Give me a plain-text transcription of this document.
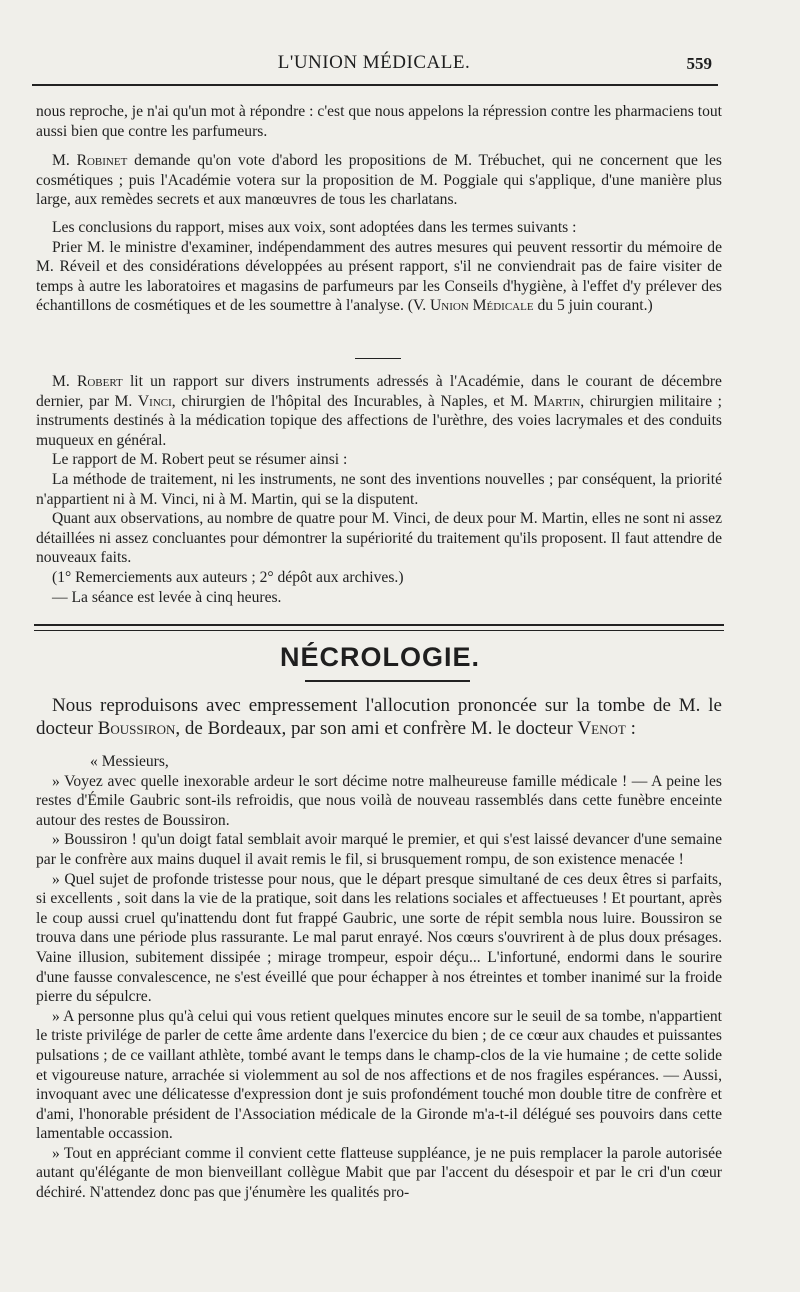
L'UNION MÉDICALE.	559

nous reproche, je n'ai qu'un mot à répondre : c'est que nous appelons la répression contre les pharmaciens tout aussi bien que contre les parfumeurs.

M. Robinet demande qu'on vote d'abord les propositions de M. Trébuchet, qui ne concernent que les cosmétiques ; puis l'Académie votera sur la proposition de M. Poggiale qui s'applique, d'une manière plus large, aux remèdes secrets et aux manœuvres de tous les charlatans.

Les conclusions du rapport, mises aux voix, sont adoptées dans les termes suivants :

Prier M. le ministre d'examiner, indépendamment des autres mesures qui peuvent ressortir du mémoire de M. Réveil et des considérations développées au présent rapport, s'il ne conviendrait pas de faire visiter de temps à autre les laboratoires et magasins de parfumeurs par les Conseils d'hygiène, à l'effet d'y prélever des échantillons de cosmétiques et de les soumettre à l'analyse. (V. Union Médicale du 5 juin courant.)

M. Robert lit un rapport sur divers instruments adressés à l'Académie, dans le courant de décembre dernier, par M. Vinci, chirurgien de l'hôpital des Incurables, à Naples, et M. Martin, chirurgien militaire ; instruments destinés à la médication topique des affections de l'urèthre, des voies lacrymales et des conduits muqueux en général.

Le rapport de M. Robert peut se résumer ainsi :

La méthode de traitement, ni les instruments, ne sont des inventions nouvelles ; par conséquent, la priorité n'appartient ni à M. Vinci, ni à M. Martin, qui se la disputent.

Quant aux observations, au nombre de quatre pour M. Vinci, de deux pour M. Martin, elles ne sont ni assez détaillées ni assez concluantes pour démontrer la supériorité du traitement qu'ils proposent. Il faut attendre de nouveaux faits.

(1° Remerciements aux auteurs ; 2° dépôt aux archives.)

— La séance est levée à cinq heures.

NÉCROLOGIE.

Nous reproduisons avec empressement l'allocution prononcée sur la tombe de M. le docteur Boussiron, de Bordeaux, par son ami et confrère M. le docteur Venot :

« Messieurs,

» Voyez avec quelle inexorable ardeur le sort décime notre malheureuse famille médicale ! — A peine les restes d'Émile Gaubric sont-ils refroidis, que nous voilà de nouveau rassemblés dans cette funèbre enceinte autour des restes de Boussiron.

» Boussiron ! qu'un doigt fatal semblait avoir marqué le premier, et qui s'est laissé devancer d'une semaine par le confrère aux mains duquel il avait remis le fil, si brusquement rompu, de son existence menacée !

» Quel sujet de profonde tristesse pour nous, que le départ presque simultané de ces deux êtres si parfaits, si excellents , soit dans la vie de la pratique, soit dans les relations sociales et affectueuses ! Et pourtant, après le coup aussi cruel qu'inattendu dont fut frappé Gaubric, une sorte de répit sembla nous luire. Boussiron se trouva dans une période plus rassurante. Le mal parut enrayé. Nos cœurs s'ouvrirent à de plus doux présages. Vaine illusion, subitement dissipée ; mirage trompeur, espoir déçu... L'infortuné, endormi dans le sourire d'une fausse convalescence, ne s'est éveillé que pour échapper à nos étreintes et tomber inanimé sur la froide pierre du sépulcre.

» A personne plus qu'à celui qui vous retient quelques minutes encore sur le seuil de sa tombe, n'appartient le triste privilége de parler de cette âme ardente dans l'exercice du bien ; de ce cœur aux chaudes et puissantes pulsations ; de ce vaillant athlète, tombé avant le temps dans le champ-clos de la vie humaine ; de cette solide et vigoureuse nature, arrachée si violemment au sol de nos affections et de nos fragiles espérances. — Aussi, invoquant avec une délicatesse d'expression dont je suis profondément touché mon double titre de confrère et d'ami, l'honorable président de l'Association médicale de la Gironde m'a-t-il délégué ses pouvoirs dans cette lamentable occassion.

» Tout en appréciant comme il convient cette flatteuse suppléance, je ne puis remplacer la parole autorisée autant qu'élégante de mon bienveillant collègue Mabit que par l'accent du désespoir et par le cri d'un cœur déchiré. N'attendez donc pas que j'énumère les qualités pro-
